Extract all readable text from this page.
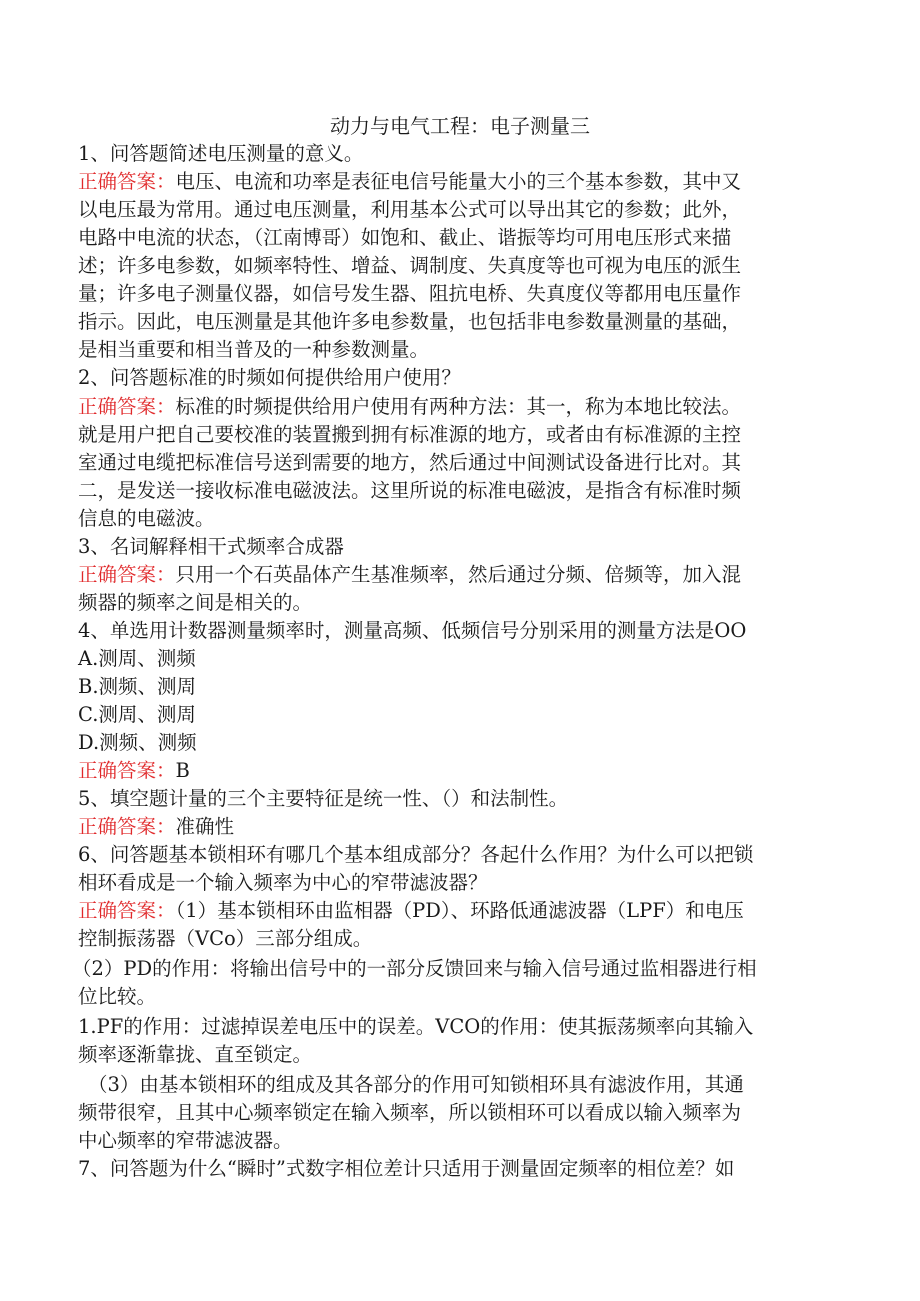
动力与电气工程：电子测量三
1、问答题简述电压测量的意义。
正确答案：电压、电流和功率是表征电信号能量大小的三个基本参数，其中又
以电压最为常用。通过电压测量，利用基本公式可以导出其它的参数；此外，
电路中电流的状态，（江南博哥）如饱和、截止、谐振等均可用电压形式来描
述；许多电参数，如频率特性、增益、调制度、失真度等也可视为电压的派生
量；许多电子测量仪器，如信号发生器、阻抗电桥、失真度仪等都用电压量作
指示。因此，电压测量是其他许多电参数量，也包括非电参数量测量的基础，
是相当重要和相当普及的一种参数测量。
2、问答题标准的时频如何提供给用户使用？
正确答案：标准的时频提供给用户使用有两种方法：其一，称为本地比较法。
就是用户把自己要校准的装置搬到拥有标准源的地方，或者由有标准源的主控
室通过电缆把标准信号送到需要的地方，然后通过中间测试设备进行比对。其
二，是发送一接收标准电磁波法。这里所说的标准电磁波，是指含有标准时频
信息的电磁波。
3、名词解释相干式频率合成器
正确答案：只用一个石英晶体产生基准频率，然后通过分频、倍频等，加入混
频器的频率之间是相关的。
4、单选用计数器测量频率时，测量高频、低频信号分别采用的测量方法是OO
A.测周、测频
B.测频、测周
C.测周、测周
D.测频、测频
正确答案：B
5、填空题计量的三个主要特征是统一性、（）和法制性。
正确答案：准确性
6、问答题基本锁相环有哪几个基本组成部分？各起什么作用？为什么可以把锁
相环看成是一个输入频率为中心的窄带滤波器？
正确答案：（1）基本锁相环由监相器（PD）、环路低通滤波器（LPF）和电压
控制振荡器（VCo）三部分组成。
（2）PD的作用：将输出信号中的一部分反馈回来与输入信号通过监相器进行相
位比较。
1.PF的作用：过滤掉误差电压中的误差。VCO的作用：使其振荡频率向其输入
频率逐渐靠拢、直至锁定。
（3）由基本锁相环的组成及其各部分的作用可知锁相环具有滤波作用，其通
频带很窄，且其中心频率锁定在输入频率，所以锁相环可以看成以输入频率为
中心频率的窄带滤波器。
7、问答题为什么“瞬时”式数字相位差计只适用于测量固定频率的相位差？如
